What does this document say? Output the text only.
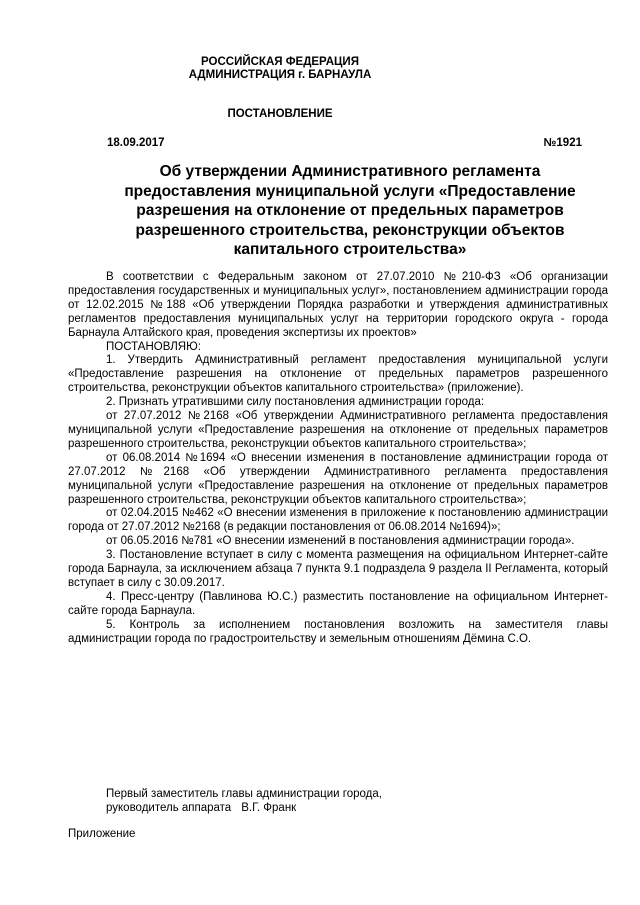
РОССИЙСКАЯ ФЕДЕРАЦИЯ
АДМИНИСТРАЦИЯ г. БАРНАУЛА
ПОСТАНОВЛЕНИЕ
18.09.2017	№1921
Об утверждении Административного регламента
предоставления муниципальной услуги «Предоставление
разрешения на отклонение от предельных параметров
разрешенного строительства, реконструкции объектов
капитального строительства»

В соответствии с Федеральным законом от 27.07.2010 №210-ФЗ «Об организации предоставления государственных и муниципальных услуг», постановлением администрации города от 12.02.2015 №188 «Об утверждении Порядка разработки и утверждения административных регламентов предоставления муниципальных услуг на территории городского округа - города Барнаула Алтайского края, проведения экспертизы их проектов»

ПОСТАНОВЛЯЮ:

1. Утвердить Административный регламент предоставления муниципальной услуги «Предоставление разрешения на отклонение от предельных параметров разрешенного строительства, реконструкции объектов капитального строительства» (приложение).

2. Признать утратившими силу постановления администрации города:

от 27.07.2012 №2168 «Об утверждении Административного регламента предоставления муниципальной услуги «Предоставление разрешения на отклонение от предельных параметров разрешенного строительства, реконструкции объектов капитального строительства»;

от 06.08.2014 №1694 «О внесении изменения в постановление администрации города от 27.07.2012 №2168 «Об утверждении Административного регламента предоставления муниципальной услуги «Предоставление разрешения на отклонение от предельных параметров разрешенного строительства, реконструкции объектов капитального строительства»;

от 02.04.2015 №462 «О внесении изменения в приложение к постановлению администрации города от 27.07.2012 №2168 (в редакции постановления от 06.08.2014 №1694)»;

от 06.05.2016 №781 «О внесении изменений в постановления администрации города».

3. Постановление вступает в силу с момента размещения на официальном Интернет-сайте города Барнаула, за исключением абзаца 7 пункта 9.1 подраздела 9 раздела II Регламента, который вступает в силу с 30.09.2017.

4. Пресс-центру (Павлинова Ю.С.) разместить постановление на официальном Интернет-сайте города Барнаула.

5. Контроль за исполнением постановления возложить на заместителя главы администрации города по градостроительству и земельным отношениям Дёмина С.О.

Первый заместитель главы администрации города,
руководитель аппарата В.Г. Франк
Приложение
